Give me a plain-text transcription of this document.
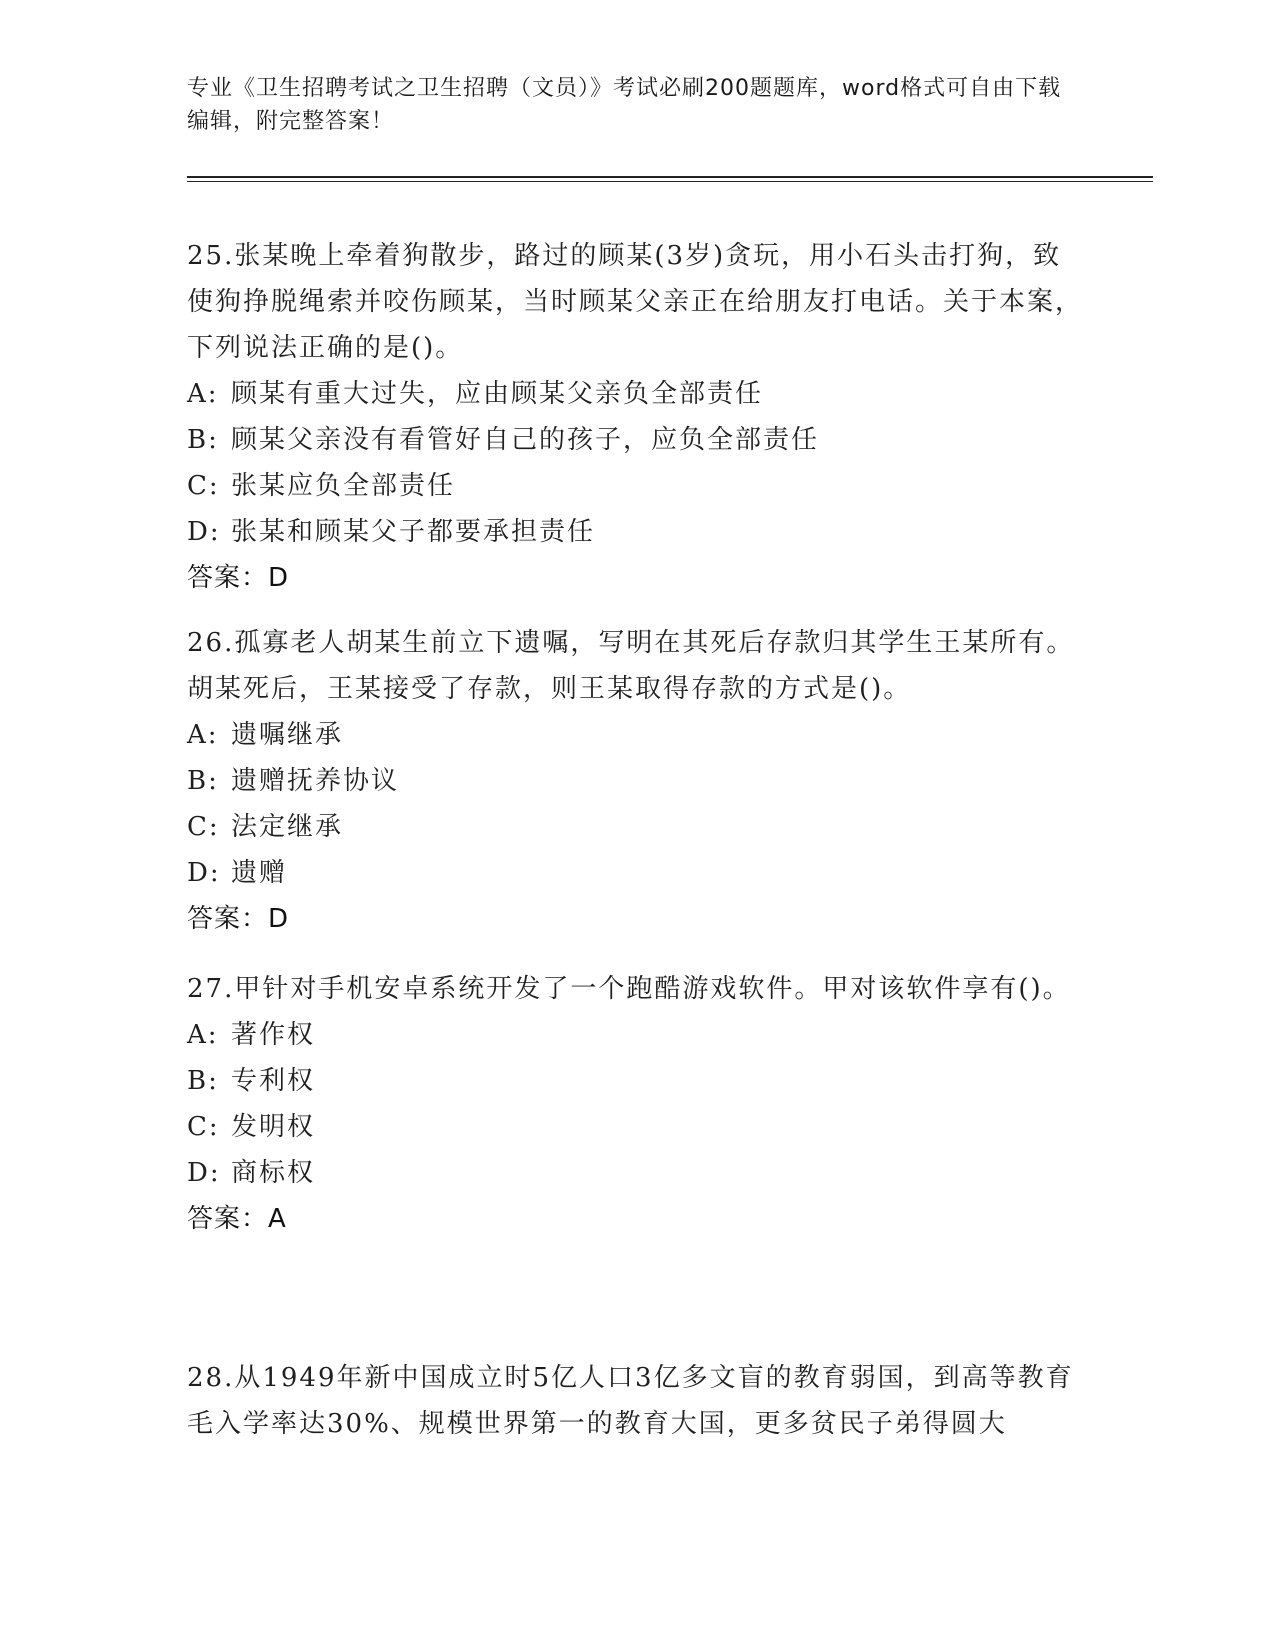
专业《卫生招聘考试之卫生招聘（文员）》考试必刷200题题库，word格式可自由下载编辑，附完整答案！

25.张某晚上牵着狗散步，路过的顾某(3岁)贪玩，用小石头击打狗，致使狗挣脱绳索并咬伤顾某，当时顾某父亲正在给朋友打电话。关于本案，下列说法正确的是()。

A: 顾某有重大过失，应由顾某父亲负全部责任
B: 顾某父亲没有看管好自己的孩子，应负全部责任
C: 张某应负全部责任
D: 张某和顾某父子都要承担责任
答案：D

26.孤寡老人胡某生前立下遗嘱，写明在其死后存款归其学生王某所有。胡某死后，王某接受了存款，则王某取得存款的方式是()。

A: 遗嘱继承
B: 遗赠抚养协议
C: 法定继承
D: 遗赠
答案：D

27.甲针对手机安卓系统开发了一个跑酷游戏软件。甲对该软件享有()。

A: 著作权
B: 专利权
C: 发明权
D: 商标权
答案：A

28.从1949年新中国成立时5亿人口3亿多文盲的教育弱国，到高等教育毛入学率达30%、规模世界第一的教育大国，更多贫民子弟得圆大
